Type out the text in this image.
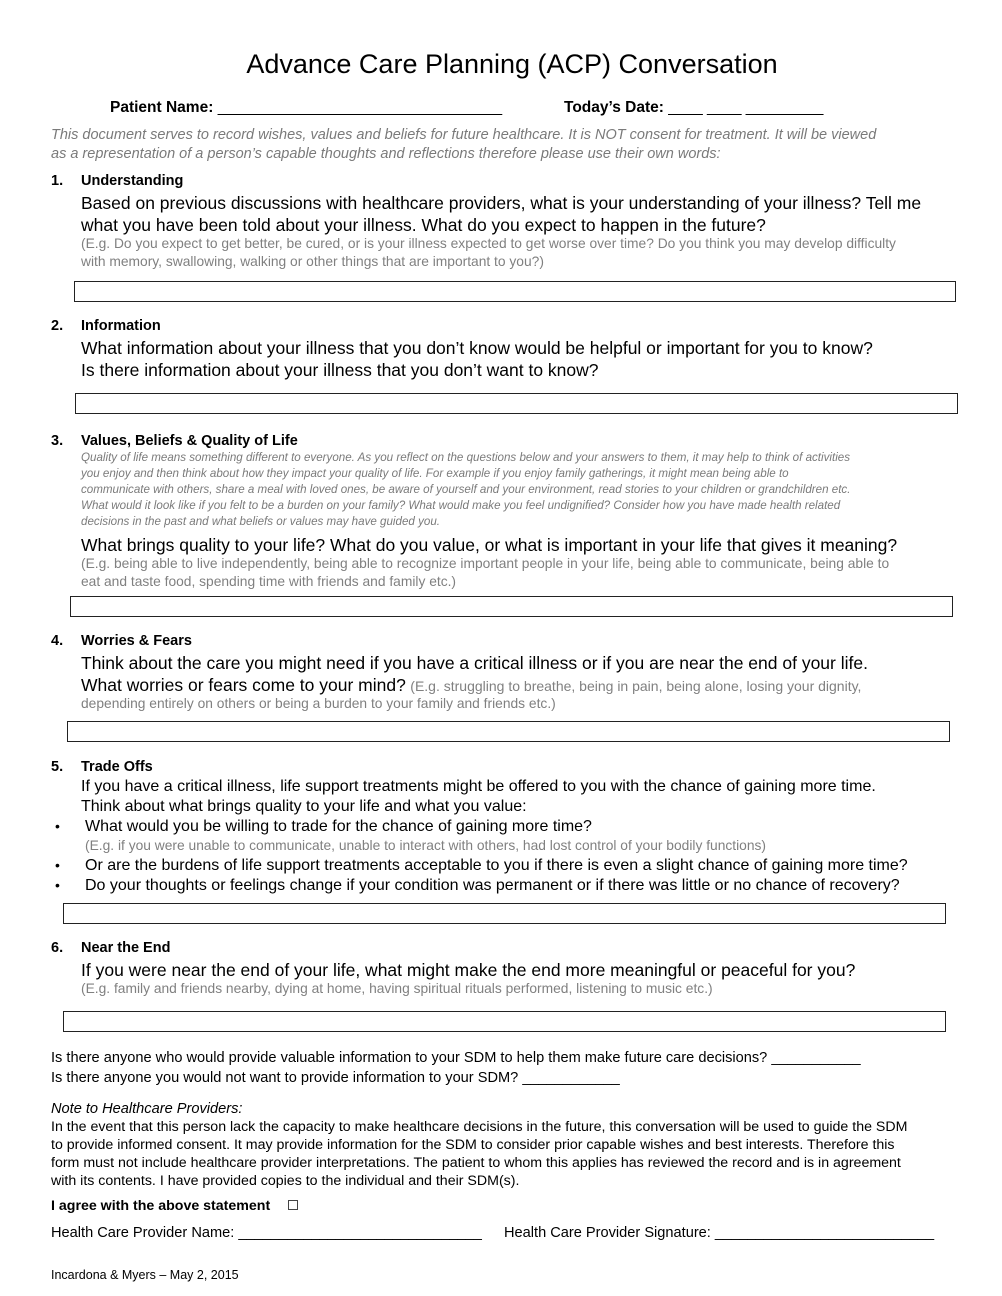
Advance Care Planning (ACP) Conversation
Patient Name: _________________________________	Today’s Date: ____ ____ _________
This document serves to record wishes, values and beliefs for future healthcare. It is NOT consent for treatment. It will be viewed
as a representation of a person’s capable thoughts and reflections therefore please use their own words:
1. Understanding
Based on previous discussions with healthcare providers, what is your understanding of your illness? Tell me
what you have been told about your illness. What do you expect to happen in the future?
(E.g. Do you expect to get better, be cured, or is your illness expected to get worse over time? Do you think you may develop difficulty
with memory, swallowing, walking or other things that are important to you?)
2. Information
What information about your illness that you don’t know would be helpful or important for you to know?
Is there information about your illness that you don’t want to know?
3. Values, Beliefs & Quality of Life
Quality of life means something different to everyone. As you reflect on the questions below and your answers to them, it may help to think of activities
you enjoy and then think about how they impact your quality of life. For example if you enjoy family gatherings, it might mean being able to
communicate with others, share a meal with loved ones, be aware of yourself and your environment, read stories to your children or grandchildren etc.
What would it look like if you felt to be a burden on your family? What would make you feel undignified? Consider how you have made health related
decisions in the past and what beliefs or values may have guided you.
What brings quality to your life? What do you value, or what is important in your life that gives it meaning?
(E.g. being able to live independently, being able to recognize important people in your life, being able to communicate, being able to
eat and taste food, spending time with friends and family etc.)
4. Worries & Fears
Think about the care you might need if you have a critical illness or if you are near the end of your life.
What worries or fears come to your mind? (E.g. struggling to breathe, being in pain, being alone, losing your dignity,
depending entirely on others or being a burden to your family and friends etc.)
5. Trade Offs
If you have a critical illness, life support treatments might be offered to you with the chance of gaining more time.
Think about what brings quality to your life and what you value:
• What would you be willing to trade for the chance of gaining more time?
(E.g. if you were unable to communicate, unable to interact with others, had lost control of your bodily functions)
• Or are the burdens of life support treatments acceptable to you if there is even a slight chance of gaining more time?
• Do your thoughts or feelings change if your condition was permanent or if there was little or no chance of recovery?
6. Near the End
If you were near the end of your life, what might make the end more meaningful or peaceful for you?
(E.g. family and friends nearby, dying at home, having spiritual rituals performed, listening to music etc.)
Is there anyone who would provide valuable information to your SDM to help them make future care decisions? ___________
Is there anyone you would not want to provide information to your SDM? ____________
Note to Healthcare Providers:
In the event that this person lack the capacity to make healthcare decisions in the future, this conversation will be used to guide the SDM
to provide informed consent. It may provide information for the SDM to consider prior capable wishes and best interests. Therefore this
form must not include healthcare provider interpretations. The patient to whom this applies has reviewed the record and is in agreement
with its contents. I have provided copies to the individual and their SDM(s).
I agree with the above statement
Health Care Provider Name: ______________________________ Health Care Provider Signature: ___________________________
Incardona & Myers – May 2, 2015
